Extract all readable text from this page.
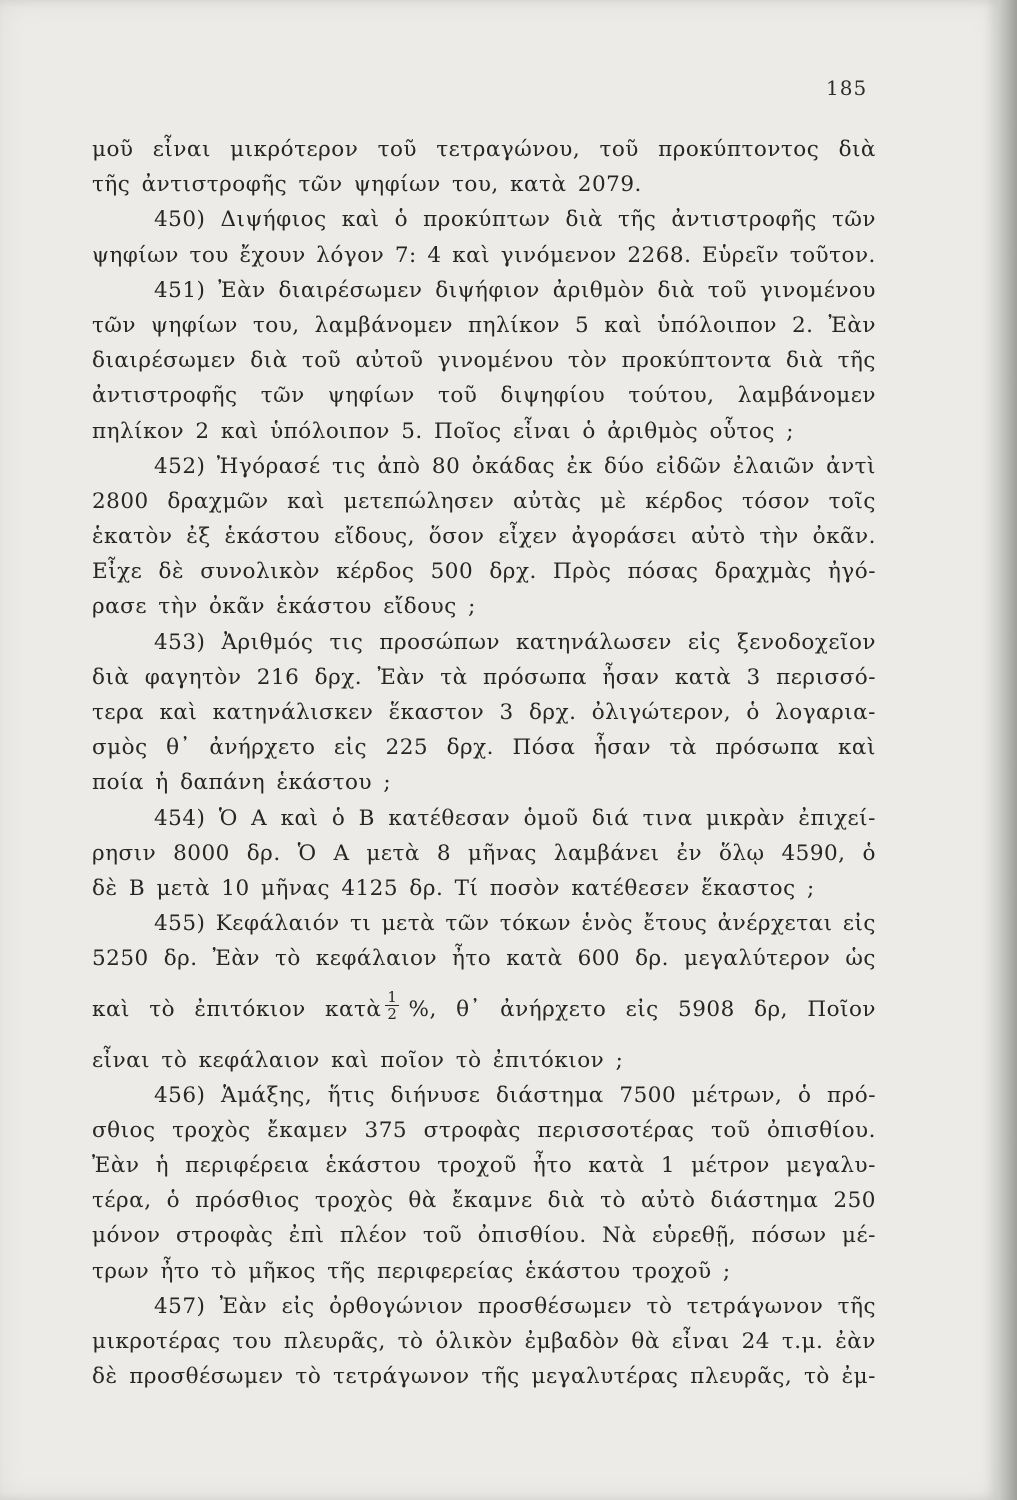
185
μοῦ εἶναι μικρότερον τοῦ τετραγώνου, τοῦ προκύπτοντος διὰ
τῆς ἀντιστροφῆς τῶν ψηφίων του, κατὰ 2079.
450) Διψήφιος καὶ ὁ προκύπτων διὰ τῆς ἀντιστροφῆς τῶν
ψηφίων του ἔχουν λόγον 7: 4 καὶ γινόμενον 2268. Εὑρεῖν τοῦτον.
451) Ἐὰν διαιρέσωμεν διψήφιον ἀριθμὸν διὰ τοῦ γινομένου
τῶν ψηφίων του, λαμβάνομεν πηλίκον 5 καὶ ὑπόλοιπον 2. Ἐὰν
διαιρέσωμεν διὰ τοῦ αὐτοῦ γινομένου τὸν προκύπτοντα διὰ τῆς
ἀντιστροφῆς τῶν ψηφίων τοῦ διψηφίου τούτου, λαμβάνομεν
πηλίκον 2 καὶ ὑπόλοιπον 5. Ποῖος εἶναι ὁ ἀριθμὸς οὗτος ;
452) Ἠγόρασέ τις ἀπὸ 80 ὀκάδας ἐκ δύο εἰδῶν ἐλαιῶν ἀντὶ
2800 δραχμῶν καὶ μετεπώλησεν αὐτὰς μὲ κέρδος τόσον τοῖς
ἑκατὸν ἐξ ἑκάστου εἴδους, ὅσον εἶχεν ἀγοράσει αὐτὸ τὴν ὀκᾶν.
Εἶχε δὲ συνολικὸν κέρδος 500 δρχ. Πρὸς πόσας δραχμὰς ἠγό-
ρασε τὴν ὀκᾶν ἑκάστου εἴδους ;
453) Ἀριθμός τις προσώπων κατηνάλωσεν εἰς ξενοδοχεῖον
διὰ φαγητὸν 216 δρχ. Ἐὰν τὰ πρόσωπα ἦσαν κατὰ 3 περισσό-
τερα καὶ κατηνάλισκεν ἕκαστον 3 δρχ. ὀλιγώτερον, ὁ λογαρια-
σμὸς θ᾿ ἀνήρχετο εἰς 225 δρχ. Πόσα ἦσαν τὰ πρόσωπα καὶ
ποία ἡ δαπάνη ἑκάστου ;
454) Ὁ Α καὶ ὁ Β κατέθεσαν ὁμοῦ διά τινα μικρὰν ἐπιχεί-
ρησιν 8000 δρ. Ὁ Α μετὰ 8 μῆνας λαμβάνει ἐν ὅλῳ 4590, ὁ
δὲ Β μετὰ 10 μῆνας 4125 δρ. Τί ποσὸν κατέθεσεν ἕκαστος ;
455) Κεφάλαιόν τι μετὰ τῶν τόκων ἑνὸς ἔτους ἀνέρχεται εἰς
5250 δρ. Ἐὰν τὸ κεφάλαιον ἦτο κατὰ 600 δρ. μεγαλύτερον ὡς
καὶ τὸ ἐπιτόκιον κατὰ $\frac{1}{2}$ %, θ᾿ ἀνήρχετο εἰς 5908 δρ, Ποῖον
εἶναι τὸ κεφάλαιον καὶ ποῖον τὸ ἐπιτόκιον ;
456) Ἁμάξης, ἥτις διήνυσε διάστημα 7500 μέτρων, ὁ πρό-
σθιος τροχὸς ἔκαμεν 375 στροφὰς περισσοτέρας τοῦ ὀπισθίου.
Ἐὰν ἡ περιφέρεια ἑκάστου τροχοῦ ἦτο κατὰ 1 μέτρον μεγαλυ-
τέρα, ὁ πρόσθιος τροχὸς θὰ ἔκαμνε διὰ τὸ αὐτὸ διάστημα 250
μόνον στροφὰς ἐπὶ πλέον τοῦ ὀπισθίου. Νὰ εὑρεθῇ, πόσων μέ-
τρων ἦτο τὸ μῆκος τῆς περιφερείας ἑκάστου τροχοῦ ;
457) Ἐὰν εἰς ὀρθογώνιον προσθέσωμεν τὸ τετράγωνον τῆς
μικροτέρας του πλευρᾶς, τὸ ὁλικὸν ἐμβαδὸν θὰ εἶναι 24 τ.μ. ἐὰν
δὲ προσθέσωμεν τὸ τετράγωνον τῆς μεγαλυτέρας πλευρᾶς, τὸ ἐμ-
